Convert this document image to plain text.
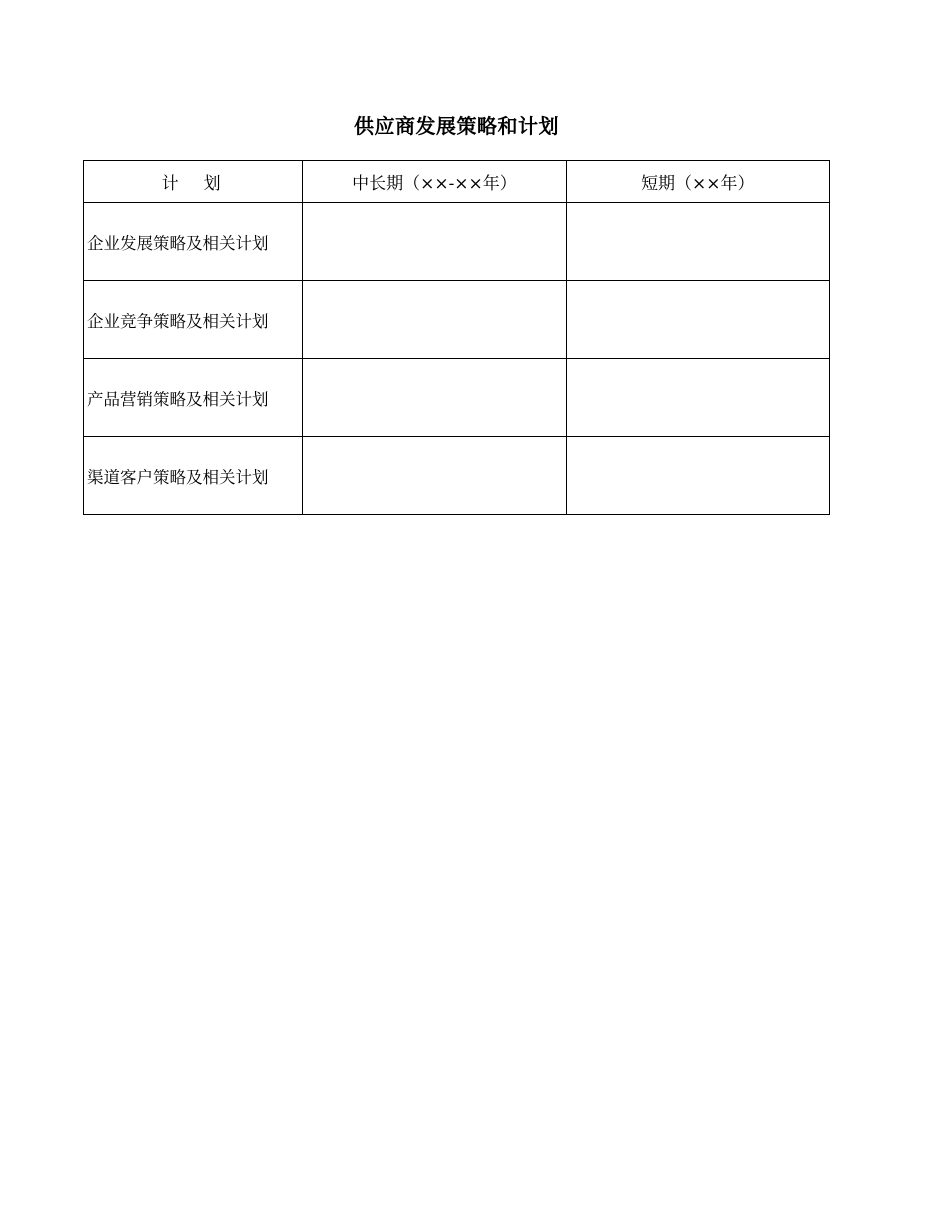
供应商发展策略和计划
计　划	中长期（××-××年）	短期（××年）
企业发展策略及相关计划		
企业竞争策略及相关计划		
产品营销策略及相关计划		
渠道客户策略及相关计划		
